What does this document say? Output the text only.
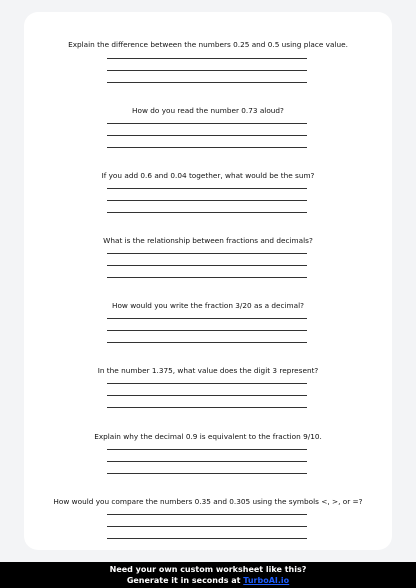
Explain the difference between the numbers 0.25 and 0.5 using place value.
How do you read the number 0.73 aloud?
If you add 0.6 and 0.04 together, what would be the sum?
What is the relationship between fractions and decimals?
How would you write the fraction 3/20 as a decimal?
In the number 1.375, what value does the digit 3 represent?
Explain why the decimal 0.9 is equivalent to the fraction 9/10.
How would you compare the numbers 0.35 and 0.305 using the symbols <, >, or =?
Need your own custom worksheet like this?
Generate it in seconds at TurboAI.io
